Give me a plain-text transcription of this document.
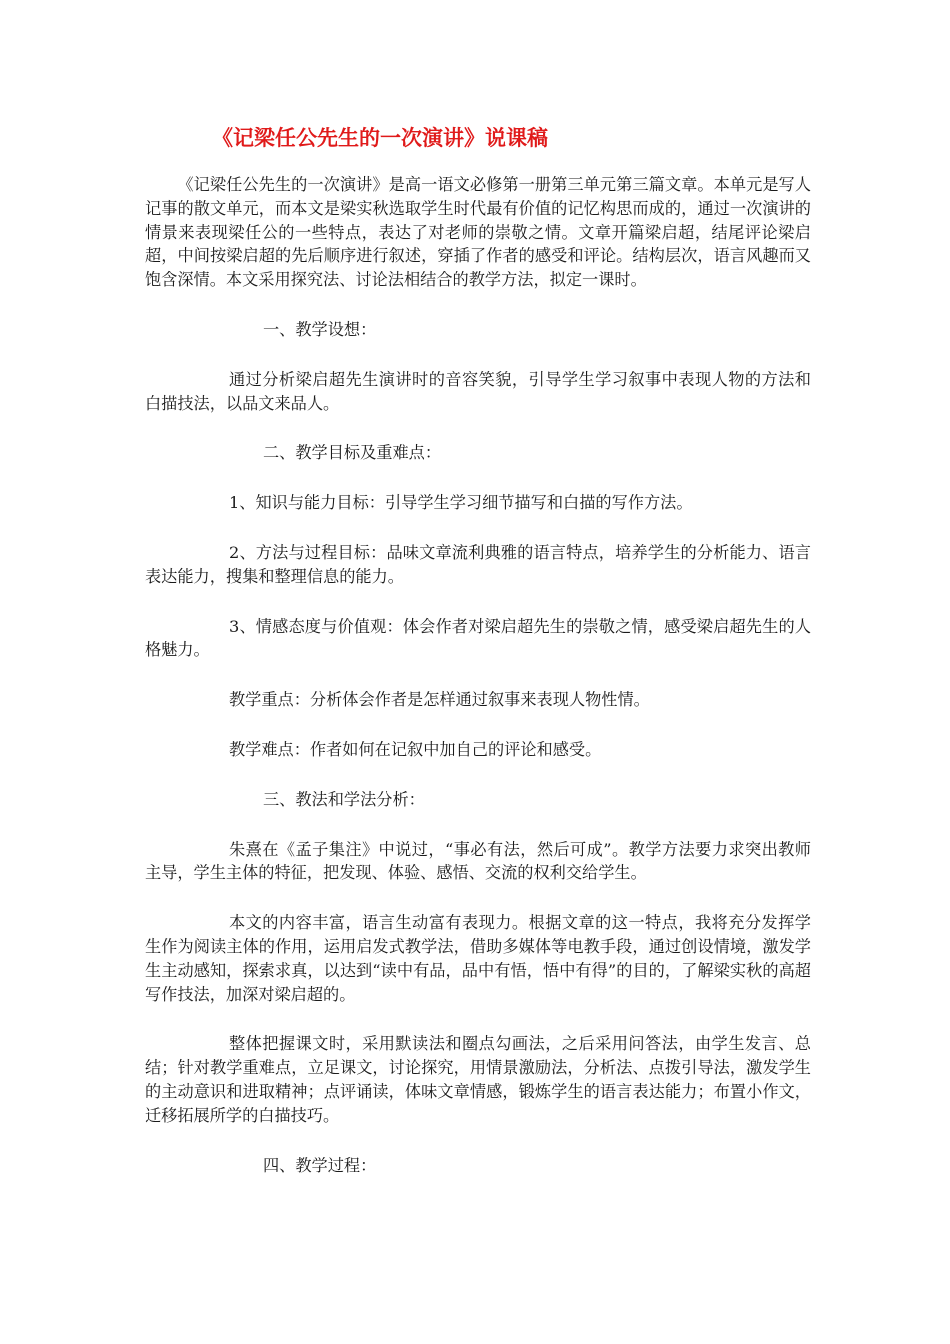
《记梁任公先生的一次演讲》说课稿

《记梁任公先生的一次演讲》是高一语文必修第一册第三单元第三篇文章。本单元是写人记事的散文单元，而本文是梁实秋选取学生时代最有价值的记忆构思而成的，通过一次演讲的情景来表现梁任公的一些特点，表达了对老师的崇敬之情。文章开篇梁启超，结尾评论梁启超，中间按梁启超的先后顺序进行叙述，穿插了作者的感受和评论。结构层次，语言风趣而又饱含深情。本文采用探究法、讨论法相结合的教学方法，拟定一课时。

一、教学设想：

通过分析梁启超先生演讲时的音容笑貌，引导学生学习叙事中表现人物的方法和白描技法，以品文来品人。

二、教学目标及重难点：

1、知识与能力目标：引导学生学习细节描写和白描的写作方法。

2、方法与过程目标：品味文章流利典雅的语言特点，培养学生的分析能力、语言表达能力，搜集和整理信息的能力。

3、情感态度与价值观：体会作者对梁启超先生的崇敬之情，感受梁启超先生的人格魅力。

教学重点：分析体会作者是怎样通过叙事来表现人物性情。

教学难点：作者如何在记叙中加自己的评论和感受。

三、教法和学法分析：

朱熹在《孟子集注》中说过，“事必有法，然后可成”。教学方法要力求突出教师主导，学生主体的特征，把发现、体验、感悟、交流的权利交给学生。

本文的内容丰富，语言生动富有表现力。根据文章的这一特点，我将充分发挥学生作为阅读主体的作用，运用启发式教学法，借助多媒体等电教手段，通过创设情境，激发学生主动感知，探索求真，以达到“读中有品，品中有悟，悟中有得”的目的，了解梁实秋的高超写作技法，加深对梁启超的。

整体把握课文时，采用默读法和圈点勾画法，之后采用问答法，由学生发言、总结；针对教学重难点，立足课文，讨论探究，用情景激励法，分析法、点拨引导法，激发学生的主动意识和进取精神；点评诵读，体味文章情感，锻炼学生的语言表达能力；布置小作文，迁移拓展所学的白描技巧。

四、教学过程：
